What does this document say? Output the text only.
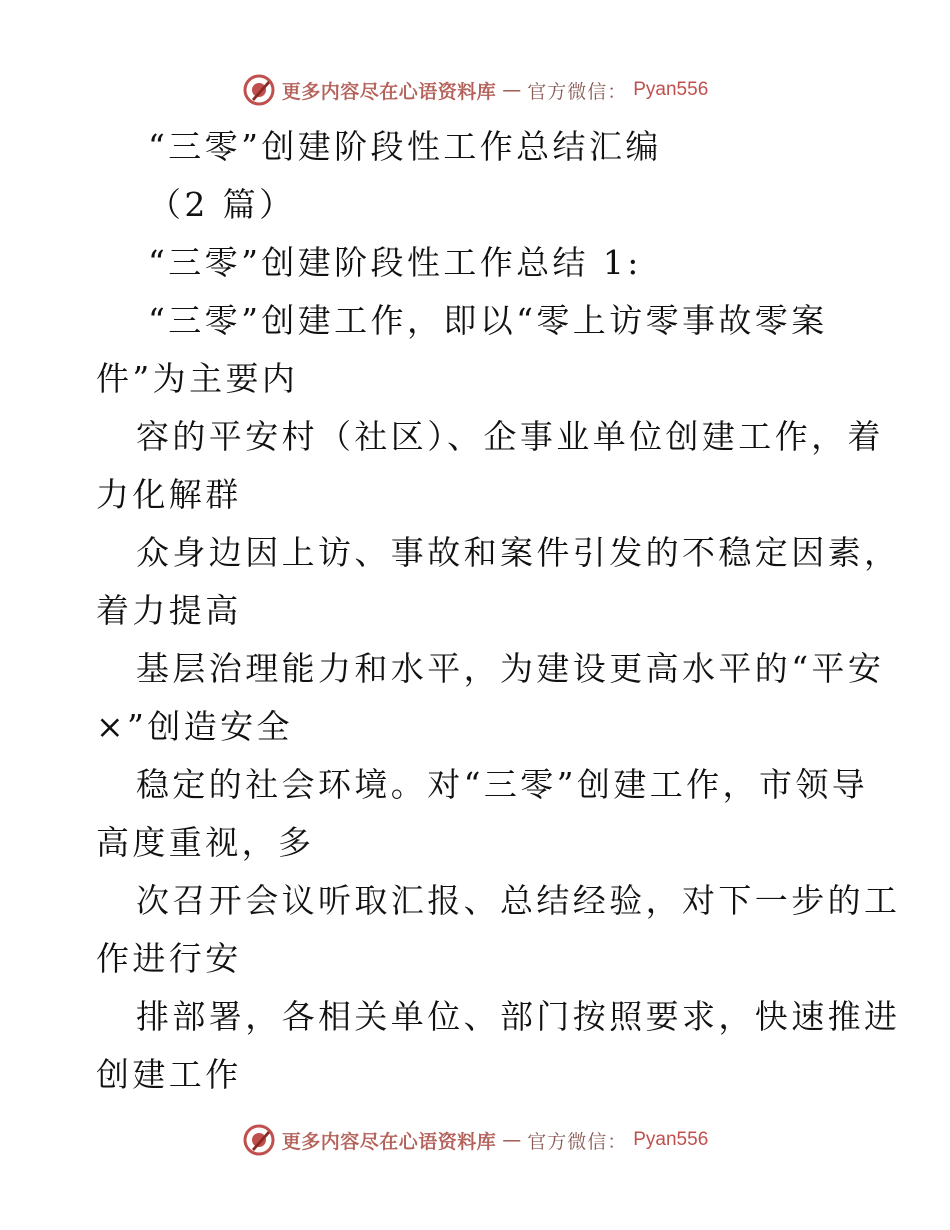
更多内容尽在心语资料库 — 官方微信： Pyan556
“三零”创建阶段性工作总结汇编
（2 篇）
“三零”创建阶段性工作总结 1:
“三零”创建工作，即以“零上访零事故零案
件”为主要内
容的平安村（社区）、企事业单位创建工作，着
力化解群
众身边因上访、事故和案件引发的不稳定因素，
着力提高
基层治理能力和水平，为建设更高水平的“平安
×”创造安全
稳定的社会环境。对“三零”创建工作，市领导
高度重视，多
次召开会议听取汇报、总结经验，对下一步的工
作进行安
排部署，各相关单位、部门按照要求，快速推进
创建工作
更多内容尽在心语资料库 — 官方微信： Pyan556
